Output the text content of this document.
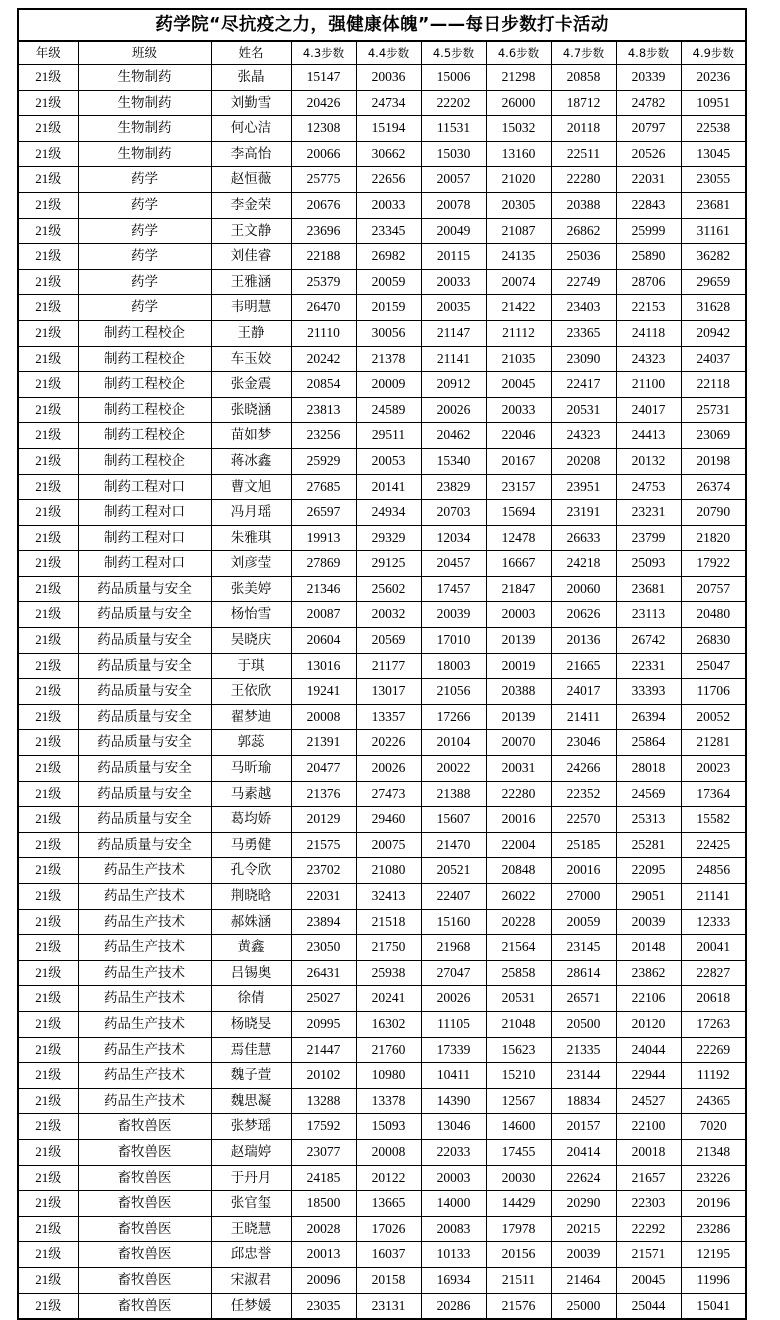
药学院“尽抗疫之力，强健康体魄”——每日步数打卡活动									
年级	班级	姓名	4.3步数	4.4步数	4.5步数	4.6步数	4.7步数	4.8步数	4.9步数
21级	生物制药	张晶	15147	20036	15006	21298	20858	20339	20236
21级	生物制药	刘勤雪	20426	24734	22202	26000	18712	24782	10951
21级	生物制药	何心洁	12308	15194	11531	15032	20118	20797	22538
21级	生物制药	李高怡	20066	30662	15030	13160	22511	20526	13045
21级	药学	赵恒薇	25775	22656	20057	21020	22280	22031	23055
21级	药学	李金荣	20676	20033	20078	20305	20388	22843	23681
21级	药学	王文静	23696	23345	20049	21087	26862	25999	31161
21级	药学	刘佳睿	22188	26982	20115	24135	25036	25890	36282
21级	药学	王雅涵	25379	20059	20033	20074	22749	28706	29659
21级	药学	韦明慧	26470	20159	20035	21422	23403	22153	31628
21级	制药工程校企	王静	21110	30056	21147	21112	23365	24118	20942
21级	制药工程校企	车玉姣	20242	21378	21141	21035	23090	24323	24037
21级	制药工程校企	张金震	20854	20009	20912	20045	22417	21100	22118
21级	制药工程校企	张晓涵	23813	24589	20026	20033	20531	24017	25731
21级	制药工程校企	苗如梦	23256	29511	20462	22046	24323	24413	23069
21级	制药工程校企	蒋冰鑫	25929	20053	15340	20167	20208	20132	20198
21级	制药工程对口	曹文旭	27685	20141	23829	23157	23951	24753	26374
21级	制药工程对口	冯月瑶	26597	24934	20703	15694	23191	23231	20790
21级	制药工程对口	朱雅琪	19913	29329	12034	12478	26633	23799	21820
21级	制药工程对口	刘彦莹	27869	29125	20457	16667	24218	25093	17922
21级	药品质量与安全	张美婷	21346	25602	17457	21847	20060	23681	20757
21级	药品质量与安全	杨怡雪	20087	20032	20039	20003	20626	23113	20480
21级	药品质量与安全	吴晓庆	20604	20569	17010	20139	20136	26742	26830
21级	药品质量与安全	于琪	13016	21177	18003	20019	21665	22331	25047
21级	药品质量与安全	王依欣	19241	13017	21056	20388	24017	33393	11706
21级	药品质量与安全	翟梦迪	20008	13357	17266	20139	21411	26394	20052
21级	药品质量与安全	郭蕊	21391	20226	20104	20070	23046	25864	21281
21级	药品质量与安全	马昕瑜	20477	20026	20022	20031	24266	28018	20023
21级	药品质量与安全	马素越	21376	27473	21388	22280	22352	24569	17364
21级	药品质量与安全	葛均娇	20129	29460	15607	20016	22570	25313	15582
21级	药品质量与安全	马勇健	21575	20075	21470	22004	25185	25281	22425
21级	药品生产技术	孔令欣	23702	21080	20521	20848	20016	22095	24856
21级	药品生产技术	荆晓晗	22031	32413	22407	26022	27000	29051	21141
21级	药品生产技术	郝姝涵	23894	21518	15160	20228	20059	20039	12333
21级	药品生产技术	黄鑫	23050	21750	21968	21564	23145	20148	20041
21级	药品生产技术	吕锡奥	26431	25938	27047	25858	28614	23862	22827
21级	药品生产技术	徐倩	25027	20241	20026	20531	26571	22106	20618
21级	药品生产技术	杨晓旻	20995	16302	11105	21048	20500	20120	17263
21级	药品生产技术	焉佳慧	21447	21760	17339	15623	21335	24044	22269
21级	药品生产技术	魏子萱	20102	10980	10411	15210	23144	22944	11192
21级	药品生产技术	魏思凝	13288	13378	14390	12567	18834	24527	24365
21级	畜牧兽医	张梦瑶	17592	15093	13046	14600	20157	22100	7020
21级	畜牧兽医	赵瑞婷	23077	20008	22033	17455	20414	20018	21348
21级	畜牧兽医	于丹月	24185	20122	20003	20030	22624	21657	23226
21级	畜牧兽医	张官玺	18500	13665	14000	14429	20290	22303	20196
21级	畜牧兽医	王晓慧	20028	17026	20083	17978	20215	22292	23286
21级	畜牧兽医	邱忠誉	20013	16037	10133	20156	20039	21571	12195
21级	畜牧兽医	宋淑君	20096	20158	16934	21511	21464	20045	11996
21级	畜牧兽医	任梦媛	23035	23131	20286	21576	25000	25044	15041
